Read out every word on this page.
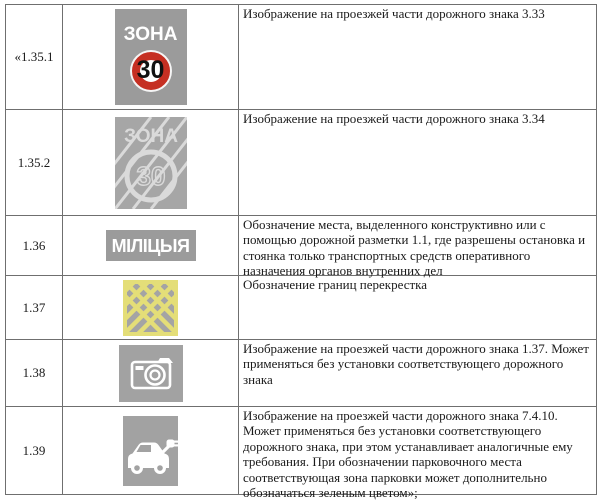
«1.35.1
ЗОНА
30
Изображение на проезжей части дорожного знака 3.33
1.35.2
ЗОНА
30
Изображение на проезжей части дорожного знака 3.34
1.36	МІЛІЦЫЯ
Обозначение места, выделенного конструктивно или с помощью дорожной разметки 1.1, где разрешены остановка и стоянка только транспортных средств оперативного назначения органов внутренних дел
1.37
Обозначение границ перекрестка
1.38
Изображение на проезжей части дорожного знака 1.37. Может применяться без установки соответствующего дорожного знака
1.39
Изображение на проезжей части дорожного знака 7.4.10. Может применяться без установки соответствующего дорожного знака, при этом устанавливает аналогичные ему требования. При обозначении парковочного места соответствующая зона парковки может дополнительно обозначаться зеленым цветом»;
